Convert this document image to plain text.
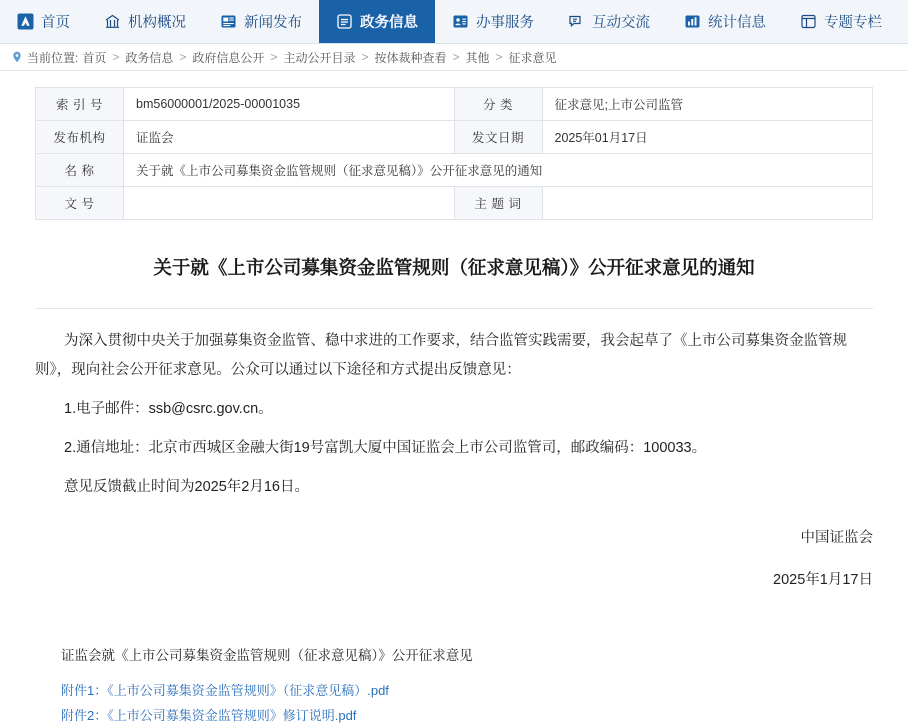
首页	机构概况	新闻发布	政务信息	办事服务	互动交流	统计信息	专题专栏
当前位置: 首页 > 政务信息 > 政府信息公开 > 主动公开目录 > 按体裁种查看 > 其他 > 征求意见
索 引 号	bm56000001/2025-00001035	分 类	征求意见;上市公司监管
发布机构	证监会	发文日期	2025年01月17日
名 称	关于就《上市公司募集资金监管规则（征求意见稿）》公开征求意见的通知		
文 号		主 题 词	
关于就《上市公司募集资金监管规则（征求意见稿）》公开征求意见的通知

为深入贯彻中央关于加强募集资金监管、稳中求进的工作要求，结合监管实践需要，我会起草了《上市公司募集资金监管规则》，现向社会公开征求意见。公众可以通过以下途径和方式提出反馈意见：

1.电子邮件：ssb@csrc.gov.cn。

2.通信地址：北京市西城区金融大街19号富凯大厦中国证监会上市公司监管司，邮政编码：100033。

意见反馈截止时间为2025年2月16日。

中国证监会

2025年1月17日

证监会就《上市公司募集资金监管规则（征求意见稿）》公开征求意见
附件1：《上市公司募集资金监管规则》（征求意见稿）.pdf
附件2：《上市公司募集资金监管规则》修订说明.pdf
